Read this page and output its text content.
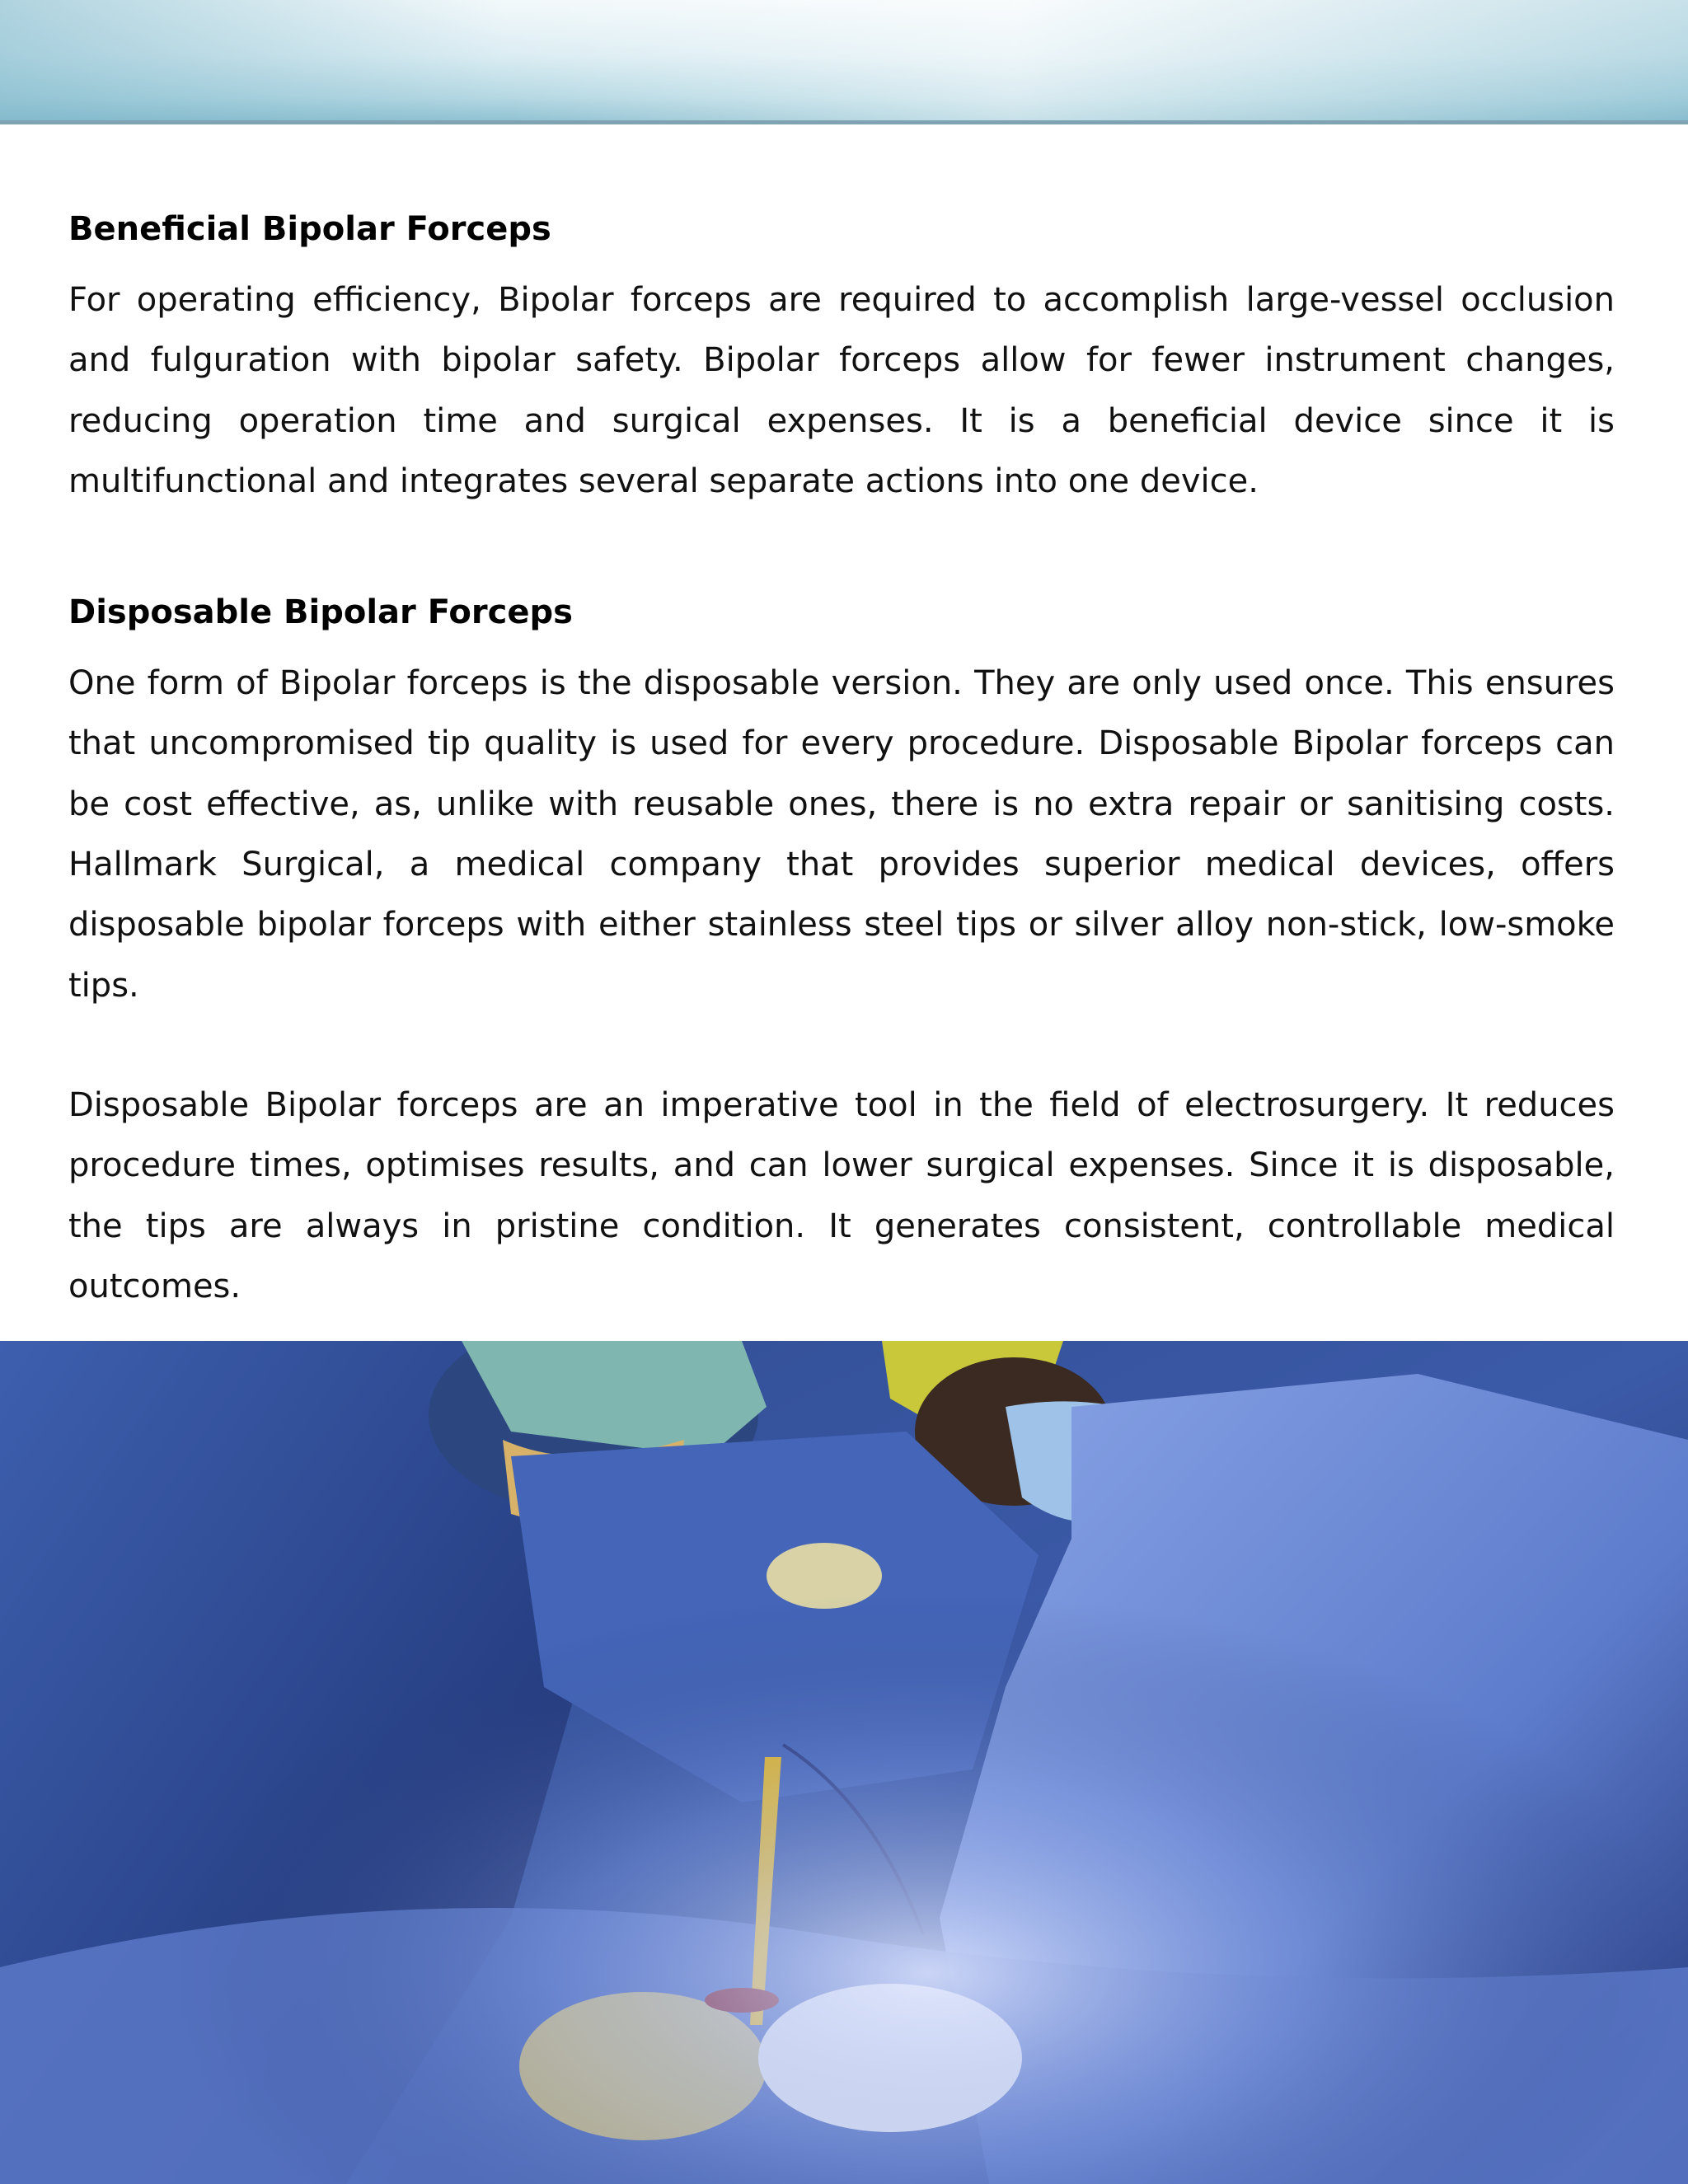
Beneficial Bipolar Forceps

For operating efficiency, Bipolar forceps are required to accomplish large-vessel occlusion and fulguration with bipolar safety. Bipolar forceps allow for fewer instrument changes, reducing operation time and surgical expenses. It is a beneficial device since it is multifunctional and integrates several separate actions into one device.

Disposable Bipolar Forceps

One form of Bipolar forceps is the disposable version. They are only used once. This ensures that uncompromised tip quality is used for every procedure. Disposable Bipolar forceps can be cost effective, as, unlike with reusable ones, there is no extra repair or sanitising costs. Hallmark Surgical, a medical company that provides superior medical devices, offers disposable bipolar forceps with either stainless steel tips or silver alloy non-stick, low-smoke tips.

Disposable Bipolar forceps are an imperative tool in the field of electrosurgery. It reduces procedure times, optimises results, and can lower surgical expenses. Since it is disposable, the tips are always in pristine condition. It generates consistent, controllable medical outcomes.
